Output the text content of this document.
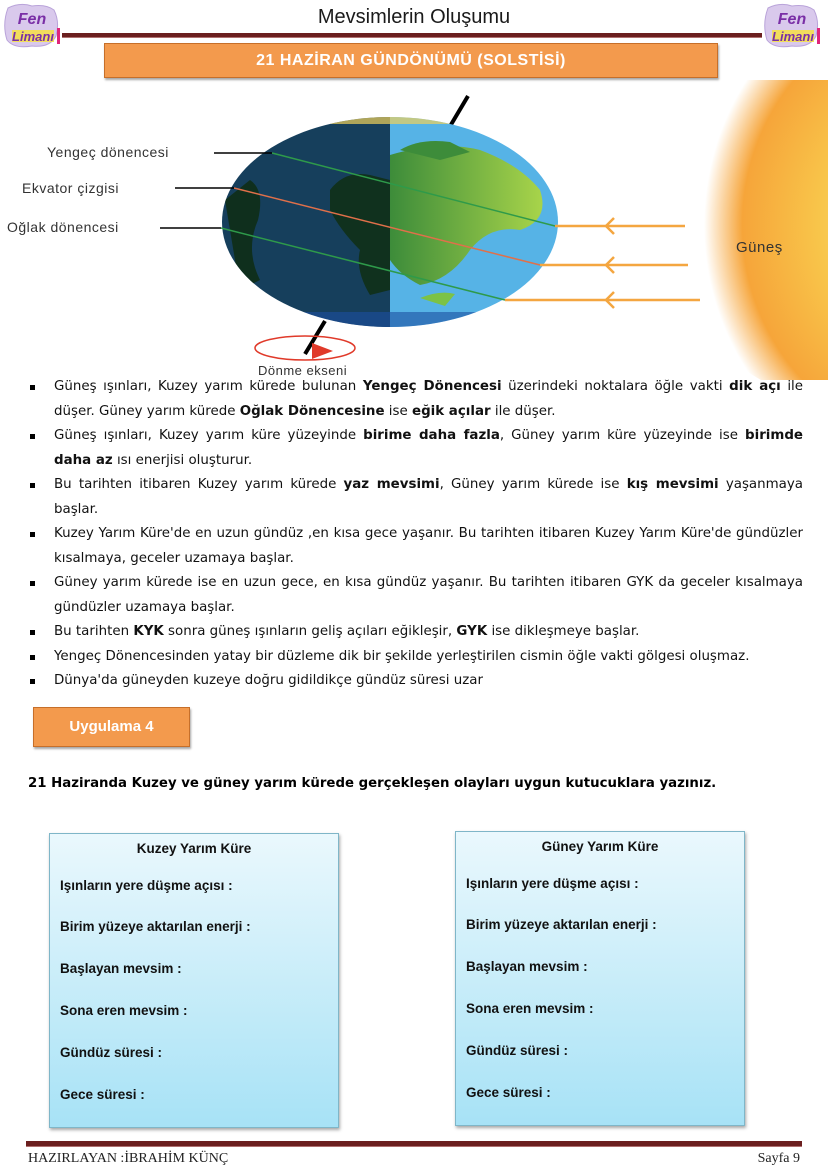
Fen
Limanı
Fen
Limanı
Mevsimlerin Oluşumu
21 HAZİRAN GÜNDÖNÜMÜ (SOLSTİSİ)
Yengeç dönencesi
Ekvator çizgisi
Oğlak dönencesi
Dönme ekseni
Güneş
Güneş ışınları, Kuzey yarım kürede bulunan Yengeç Dönencesi üzerindeki noktalara öğle vakti dik açı ile düşer. Güney yarım kürede Oğlak Dönencesine ise eğik açılar ile düşer.
Güneş ışınları, Kuzey yarım küre yüzeyinde birime daha fazla, Güney yarım küre yüzeyinde ise birimde daha az ısı enerjisi oluşturur.
Bu tarihten itibaren Kuzey yarım kürede yaz mevsimi, Güney yarım kürede ise kış mevsimi yaşanmaya başlar.
Kuzey Yarım Küre'de en uzun gündüz ,en kısa gece yaşanır. Bu tarihten itibaren Kuzey Yarım Küre'de gündüzler kısalmaya, geceler uzamaya başlar.
Güney yarım kürede ise en uzun gece, en kısa gündüz yaşanır. Bu tarihten itibaren GYK da geceler kısalmaya gündüzler uzamaya başlar.
Bu tarihten KYK sonra güneş ışınların geliş açıları eğikleşir, GYK ise dikleşmeye başlar.
Yengeç Dönencesinden yatay bir düzleme dik bir şekilde yerleştirilen cismin öğle vakti gölgesi oluşmaz.
Dünya'da güneyden kuzeye doğru gidildikçe gündüz süresi uzar
Uygulama 4
21 Haziranda Kuzey ve güney yarım kürede gerçekleşen olayları uygun kutucuklara yazınız.
Kuzey Yarım Küre
Işınların yere düşme açısı :
Birim yüzeye aktarılan enerji :
Başlayan mevsim :
Sona eren mevsim :
Gündüz süresi :
Gece süresi :
Güney Yarım Küre
Işınların yere düşme açısı :
Birim yüzeye aktarılan enerji :
Başlayan mevsim :
Sona eren mevsim :
Gündüz süresi :
Gece süresi :
HAZIRLAYAN :İBRAHİM KÜNÇ	Sayfa 9
